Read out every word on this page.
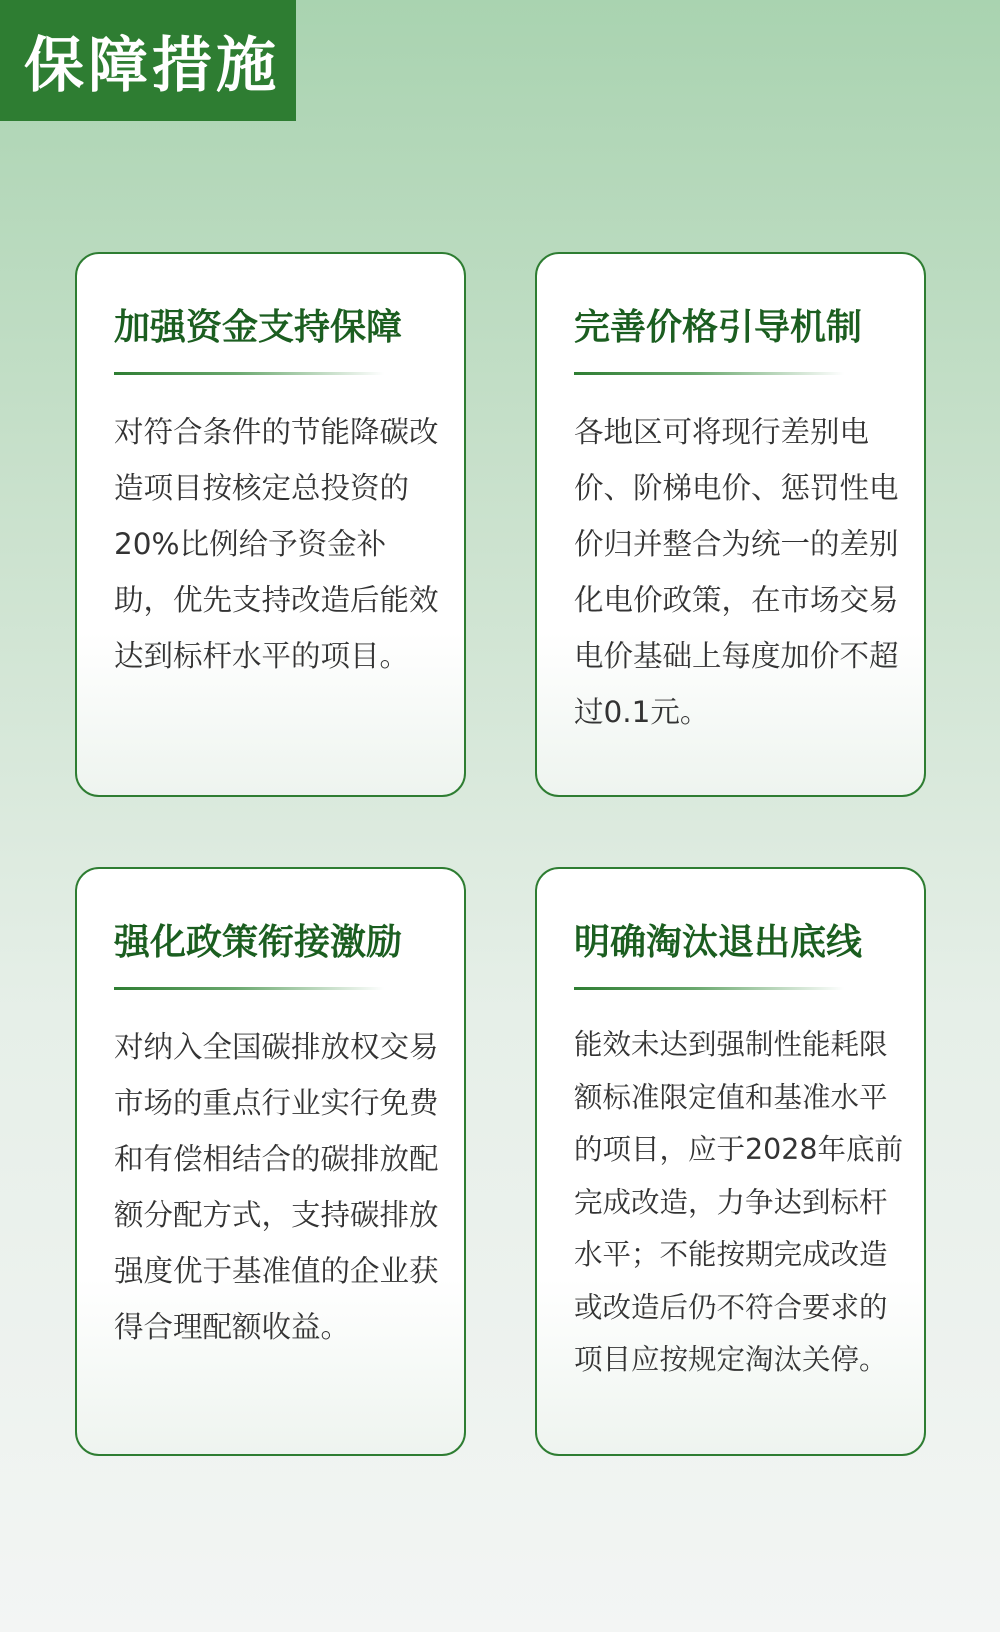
保障措施
加强资金支持保障

对符合条件的节能降碳改造项目按核定总投资的20%比例给予资金补助，优先支持改造后能效达到标杆水平的项目。

完善价格引导机制

各地区可将现行差别电价、阶梯电价、惩罚性电价归并整合为统一的差别化电价政策，在市场交易电价基础上每度加价不超过0.1元。

强化政策衔接激励

对纳入全国碳排放权交易市场的重点行业实行免费和有偿相结合的碳排放配额分配方式，支持碳排放强度优于基准值的企业获得合理配额收益。

明确淘汰退出底线

能效未达到强制性能耗限额标准限定值和基准水平的项目，应于2028年底前完成改造，力争达到标杆水平；不能按期完成改造或改造后仍不符合要求的项目应按规定淘汰关停。
